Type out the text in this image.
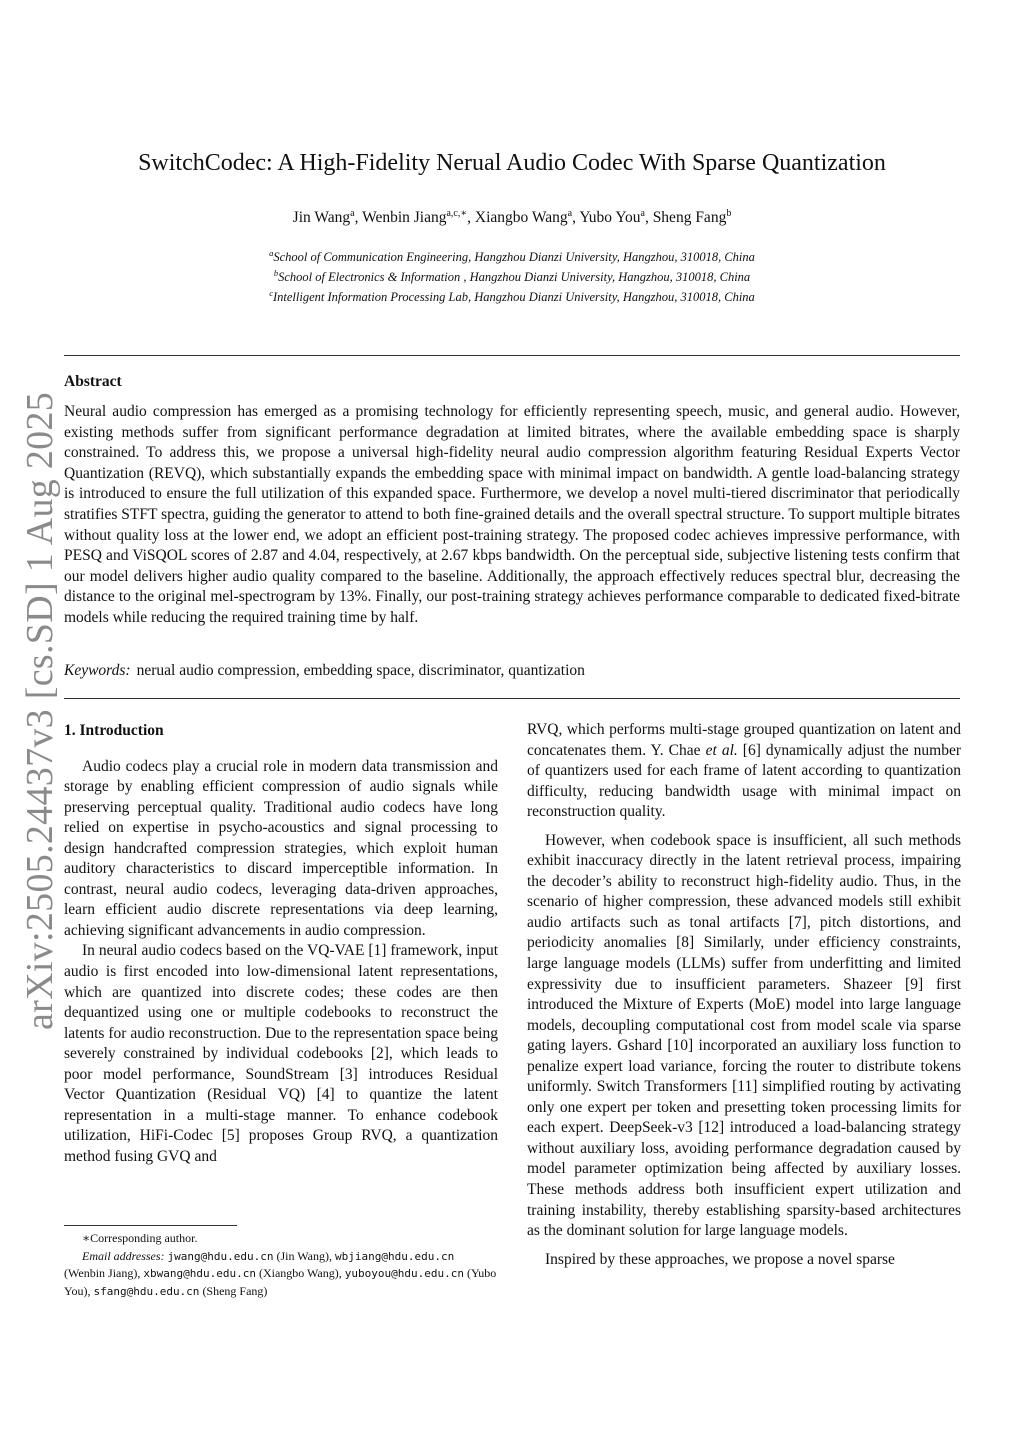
arXiv:2505.24437v3 [cs.SD] 1 Aug 2025
SwitchCodec: A High-Fidelity Nerual Audio Codec With Sparse Quantization
Jin Wang$^a$, Wenbin Jiang$^{a,c,∗}$, Xiangbo Wang$^a$, Yubo You$^a$, Sheng Fang$^b$
$^a$School of Communication Engineering, Hangzhou Dianzi University, Hangzhou, 310018, China
$^b$School of Electronics & Information , Hangzhou Dianzi University, Hangzhou, 310018, China
$^c$Intelligent Information Processing Lab, Hangzhou Dianzi University, Hangzhou, 310018, China
Abstract
Neural audio compression has emerged as a promising technology for efficiently representing speech, music, and general audio. However, existing methods suffer from significant performance degradation at limited bitrates, where the available embedding space is sharply constrained. To address this, we propose a universal high-fidelity neural audio compression algorithm featuring Residual Experts Vector Quantization (REVQ), which substantially expands the embedding space with minimal impact on bandwidth. A gentle load-balancing strategy is introduced to ensure the full utilization of this expanded space. Furthermore, we develop a novel multi-tiered discriminator that periodically stratifies STFT spectra, guiding the generator to attend to both fine-grained details and the overall spectral structure. To support multiple bitrates without quality loss at the lower end, we adopt an efficient post-training strategy. The proposed codec achieves impressive performance, with PESQ and ViSQOL scores of 2.87 and 4.04, respectively, at 2.67 kbps bandwidth. On the perceptual side, subjective listening tests confirm that our model delivers higher audio quality compared to the baseline. Additionally, the approach effectively reduces spectral blur, decreasing the distance to the original mel-spectrogram by 13%. Finally, our post-training strategy achieves performance comparable to dedicated fixed-bitrate models while reducing the required training time by half.
Keywords: nerual audio compression, embedding space, discriminator, quantization

1. Introduction

Audio codecs play a crucial role in modern data transmission and storage by enabling efficient compression of audio signals while preserving perceptual quality. Traditional audio codecs have long relied on expertise in psycho-acoustics and signal processing to design handcrafted compression strategies, which exploit human auditory characteristics to discard imperceptible information. In contrast, neural audio codecs, leveraging data-driven approaches, learn efficient audio discrete representations via deep learning, achieving significant advancements in audio compression.

In neural audio codecs based on the VQ-VAE [1] framework, input audio is first encoded into low-dimensional latent representations, which are quantized into discrete codes; these codes are then dequantized using one or multiple codebooks to reconstruct the latents for audio reconstruction. Due to the representation space being severely constrained by individual codebooks [2], which leads to poor model performance, SoundStream [3] introduces Residual Vector Quantization (Residual VQ) [4] to quantize the latent representation in a multi-stage manner. To enhance codebook utilization, HiFi-Codec [5] proposes Group RVQ, a quantization method fusing GVQ and

RVQ, which performs multi-stage grouped quantization on latent and concatenates them. Y. Chae et al. [6] dynamically adjust the number of quantizers used for each frame of latent according to quantization difficulty, reducing bandwidth usage with minimal impact on reconstruction quality.

However, when codebook space is insufficient, all such methods exhibit inaccuracy directly in the latent retrieval process, impairing the decoder’s ability to reconstruct high-fidelity audio. Thus, in the scenario of higher compression, these advanced models still exhibit audio artifacts such as tonal artifacts [7], pitch distortions, and periodicity anomalies [8] Similarly, under efficiency constraints, large language models (LLMs) suffer from underfitting and limited expressivity due to insufficient parameters. Shazeer [9] first introduced the Mixture of Experts (MoE) model into large language models, decoupling computational cost from model scale via sparse gating layers. Gshard [10] incorporated an auxiliary loss function to penalize expert load variance, forcing the router to distribute tokens uniformly. Switch Transformers [11] simplified routing by activating only one expert per token and presetting token processing limits for each expert. DeepSeek-v3 [12] introduced a load-balancing strategy without auxiliary loss, avoiding performance degradation caused by model parameter optimization being affected by auxiliary losses. These methods address both insufficient expert utilization and training instability, thereby establishing sparsity-based architectures as the dominant solution for large language models.

Inspired by these approaches, we propose a novel sparse

∗Corresponding author.
Email addresses: jwang@hdu.edu.cn (Jin Wang), wbjiang@hdu.edu.cn (Wenbin Jiang), xbwang@hdu.edu.cn (Xiangbo Wang), yuboyou@hdu.edu.cn (Yubo You), sfang@hdu.edu.cn (Sheng Fang)
